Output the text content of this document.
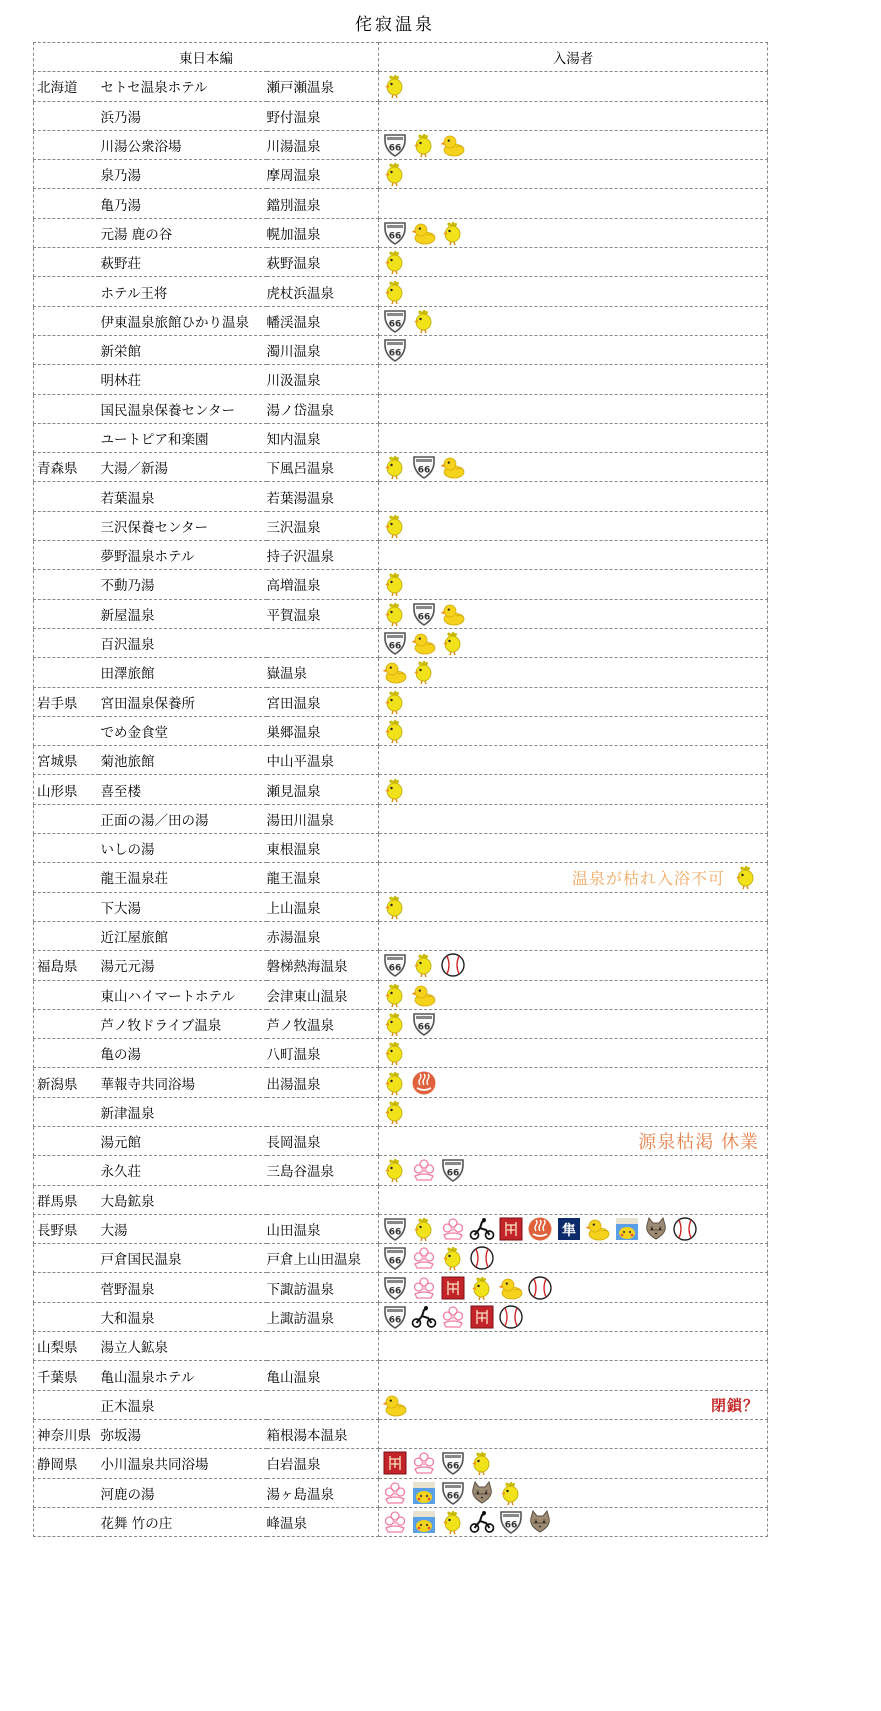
侘寂温泉
東日本編			入湯者
北海道	セトセ温泉ホテル	瀬戸瀬温泉	

	浜乃湯	野付温泉	
	川湯公衆浴場	川湯温泉	66

	泉乃湯	摩周温泉	

	亀乃湯	鐺別温泉	
	元湯 鹿の谷	幌加温泉	66

	萩野荘	萩野温泉	

	ホテル王将	虎杖浜温泉	

	伊東温泉旅館ひかり温泉	幡渓温泉	66

	新栄館	濁川温泉	66

	明林荘	川汲温泉	
	国民温泉保養センター	湯ノ岱温泉	
	ユートピア和楽園	知内温泉	
青森県	大湯／新湯	下風呂温泉	66

	若葉温泉	若葉湯温泉	
	三沢保養センター	三沢温泉	

	夢野温泉ホテル	持子沢温泉	
	不動乃湯	高増温泉	

	新屋温泉	平賀温泉	66

	百沢温泉		66

	田澤旅館	嶽温泉	

岩手県	宮田温泉保養所	宮田温泉	

	でめ金食堂	巣郷温泉	

宮城県	菊池旅館	中山平温泉	
山形県	喜至楼	瀬見温泉	

	正面の湯／田の湯	湯田川温泉	
	いしの湯	東根温泉	
	龍王温泉荘	龍王温泉	温泉が枯れ入浴不可

	下大湯	上山温泉	

	近江屋旅館	赤湯温泉	
福島県	湯元元湯	磐梯熱海温泉	66

	東山ハイマートホテル	会津東山温泉	

	芦ノ牧ドライブ温泉	芦ノ牧温泉	66

	亀の湯	八町温泉	

新潟県	華報寺共同浴場	出湯温泉	

	新津温泉		

	湯元館	長岡温泉	源泉枯渇 休業

	永久荘	三島谷温泉	66

群馬県	大島鉱泉		
長野県	大湯	山田温泉	66 隼

	戸倉国民温泉	戸倉上山田温泉	66

	菅野温泉	下諏訪温泉	66

	大和温泉	上諏訪温泉	66

山梨県	湯立人鉱泉		
千葉県	亀山温泉ホテル	亀山温泉	
	正木温泉		閉鎖？

神奈川県	弥坂湯	箱根湯本温泉	
静岡県	小川温泉共同浴場	白岩温泉	66

	河鹿の湯	湯ヶ島温泉	66

	花舞 竹の庄	峰温泉	66
